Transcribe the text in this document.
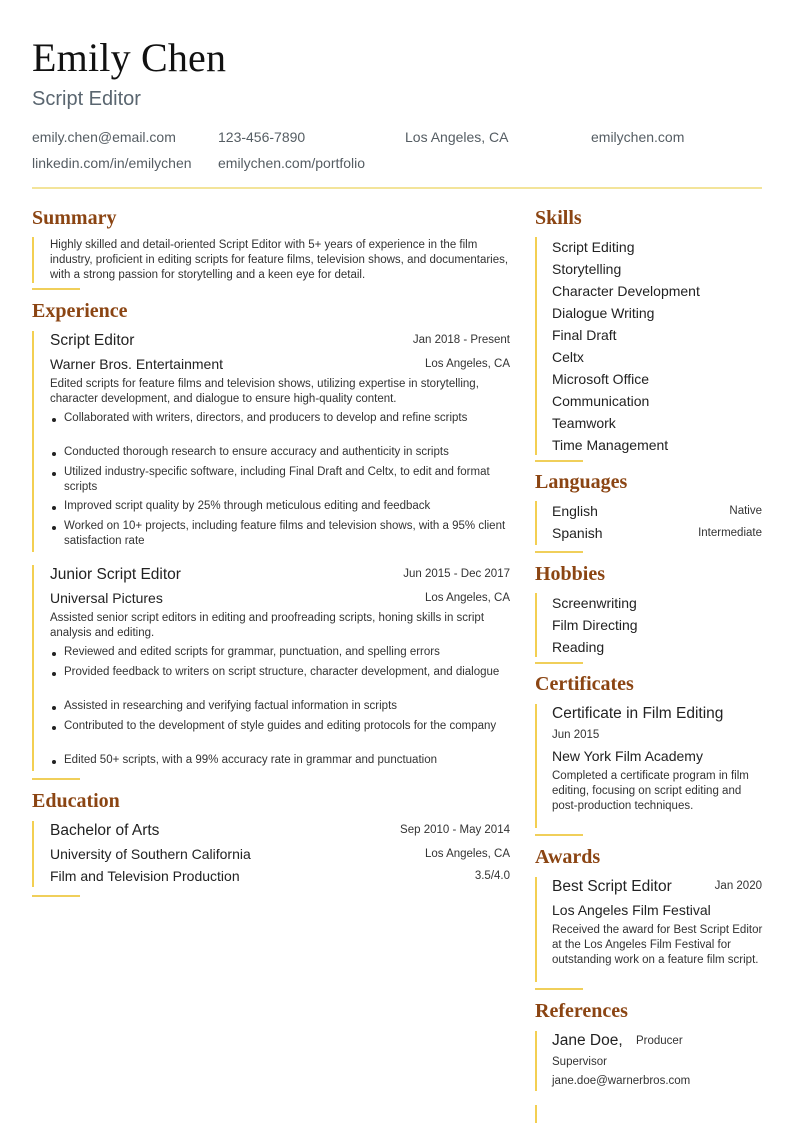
Emily Chen
Script Editor
emily.chen@email.com	123-456-7890	Los Angeles, CA	emilychen.com
linkedin.com/in/emilychen emilychen.com/portfolio
Summary
Highly skilled and detail-oriented Script Editor with 5+ years of experience in the film industry, proficient in editing scripts for feature films, television shows, and documentaries, with a strong passion for storytelling and a keen eye for detail.
Experience
Script Editor	Jan 2018 - Present
Warner Bros. Entertainment	Los Angeles, CA
Edited scripts for feature films and television shows, utilizing expertise in storytelling, character development, and dialogue to ensure high-quality content.
Collaborated with writers, directors, and producers to develop and refine scripts
Conducted thorough research to ensure accuracy and authenticity in scripts
Utilized industry-specific software, including Final Draft and Celtx, to edit and format scripts
Improved script quality by 25% through meticulous editing and feedback
Worked on 10+ projects, including feature films and television shows, with a 95% client satisfaction rate
Junior Script Editor	Jun 2015 - Dec 2017
Universal Pictures	Los Angeles, CA
Assisted senior script editors in editing and proofreading scripts, honing skills in script analysis and editing.
Reviewed and edited scripts for grammar, punctuation, and spelling errors
Provided feedback to writers on script structure, character development, and dialogue
Assisted in researching and verifying factual information in scripts
Contributed to the development of style guides and editing protocols for the company
Edited 50+ scripts, with a 99% accuracy rate in grammar and punctuation
Education
Bachelor of Arts	Sep 2010 - May 2014
University of Southern California	Los Angeles, CA
Film and Television Production	3.5/4.0
Skills
Script Editing
Storytelling
Character Development
Dialogue Writing
Final Draft
Celtx
Microsoft Office
Communication
Teamwork
Time Management
Languages
English	Native
Spanish	Intermediate
Hobbies
Screenwriting
Film Directing
Reading
Certificates
Certificate in Film Editing
Jun 2015
New York Film Academy
Completed a certificate program in film editing, focusing on script editing and post-production techniques.
Awards
Best Script Editor	Jan 2020
Los Angeles Film Festival
Received the award for Best Script Editor at the Los Angeles Film Festival for outstanding work on a feature film script.
References
Jane Doe, Producer
Supervisor
jane.doe@warnerbros.com
